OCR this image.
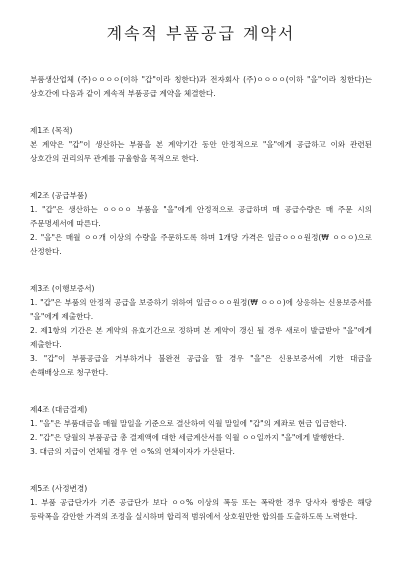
계속적 부품공급 계약서
부품생산업체 (주)ㅇㅇㅇㅇ(이하 "갑"이라 칭한다)과 전자회사 (주)ㅇㅇㅇㅇ(이하 "을"이라 칭한다)는 상호간에 다음과 같이 계속적 부품공급 계약을 체결한다.
제1조 (목적)

본 계약은 "갑"이 생산하는 부품을 본 계약기간 동안 안정적으로 "을"에게 공급하고 이와 관련된 상호간의 권리의무 관계를 규율함을 목적으로 한다.

제2조 (공급부품)

1. "갑"은 생산하는 ㅇㅇㅇㅇ 부품을 "을"에게 안정적으로 공급하며 매 공급수량은 매 주문 시의 주문명세서에 따른다.

2. "을"은 매월 ㅇㅇ개 이상의 수량을 주문하도록 하며 1개당 가격은 일금ㅇㅇㅇ원정(₩ ㅇㅇㅇ)으로 산정한다.

제3조 (이행보증서)

1. "갑"은 부품의 안정적 공급을 보증하기 위하여 일금ㅇㅇㅇ원정(₩ ㅇㅇㅇ)에 상응하는 신용보증서를 "을"에게 제출한다.

2. 제1항의 기간은 본 계약의 유효기간으로 정하며 본 계약이 갱신 될 경우 새로이 발급받아 "을"에게 제출한다.

3. "갑"이 부품공급을 거부하거나 불완전 공급을 할 경우 "을"은 신용보증서에 기한 대금을 손해배상으로 청구한다.

제4조 (대금결제)

1. "을"은 부품대금을 매월 말일을 기준으로 결산하여 익월 말일에 "갑"의 계좌로 현금 입금한다.

2. "갑"은 당월의 부품공급 총 결제액에 대한 세금계산서를 익월 ㅇㅇ일까지 "을"에게 발행한다.

3. 대금의 지급이 연체될 경우 연 ㅇ%의 연체이자가 가산된다.

제5조 (사정변경)

1. 부품 공급단가가 기존 공급단가 보다 ㅇㅇ% 이상의 폭등 또는 폭락한 경우 당사자 쌍방은 해당 등락폭을 감안한 가격의 조정을 실시하며 합리적 범위에서 상호원만한 합의를 도출하도록 노력한다.
